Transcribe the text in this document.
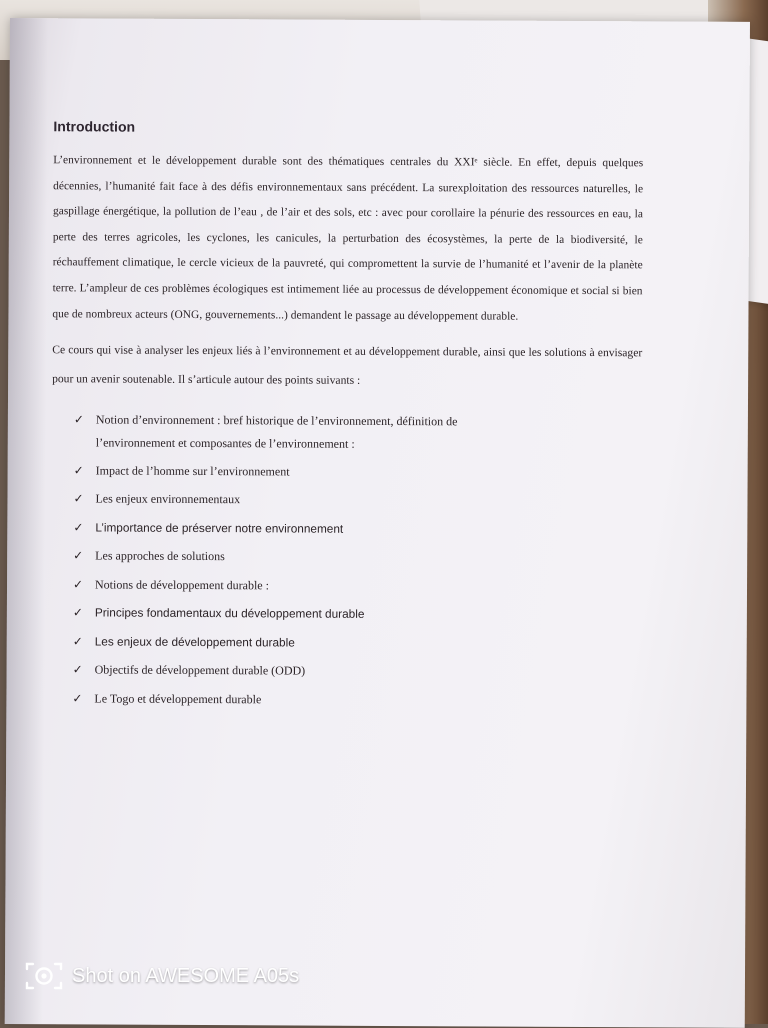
Introduction

L’environnement et le développement durable sont des thématiques centrales du XXIᵉ siècle. En effet, depuis quelques décennies, l’humanité fait face à des défis environnementaux sans précédent. La surexploitation des ressources naturelles, le gaspillage énergétique, la pollution de l’eau , de l’air et des sols, etc : avec pour corollaire la pénurie des ressources en eau, la perte des terres agricoles, les cyclones, les canicules, la perturbation des écosystèmes, la perte de la biodiversité, le réchauffement climatique, le cercle vicieux de la pauvreté, qui compromettent la survie de l’humanité et l’avenir de la planète terre. L’ampleur de ces problèmes écologiques est intimement liée au processus de développement économique et social si bien que de nombreux acteurs (ONG, gouvernements...) demandent le passage au développement durable.

Ce cours qui vise à analyser les enjeux liés à l’environnement et au développement durable, ainsi que les solutions à envisager pour un avenir soutenable. Il s’articule autour des points suivants :

✓ Notion d’environnement : bref historique de l’environnement, définition de
l’environnement et composantes de l’environnement :
✓ Impact de l’homme sur l’environnement
✓ Les enjeux environnementaux
✓ L’importance de préserver notre environnement
✓ Les approches de solutions
✓ Notions de développement durable :
✓ Principes fondamentaux du développement durable
✓ Les enjeux de développement durable
✓ Objectifs de développement durable (ODD)
✓ Le Togo et développement durable
Shot on AWESOME A05s
